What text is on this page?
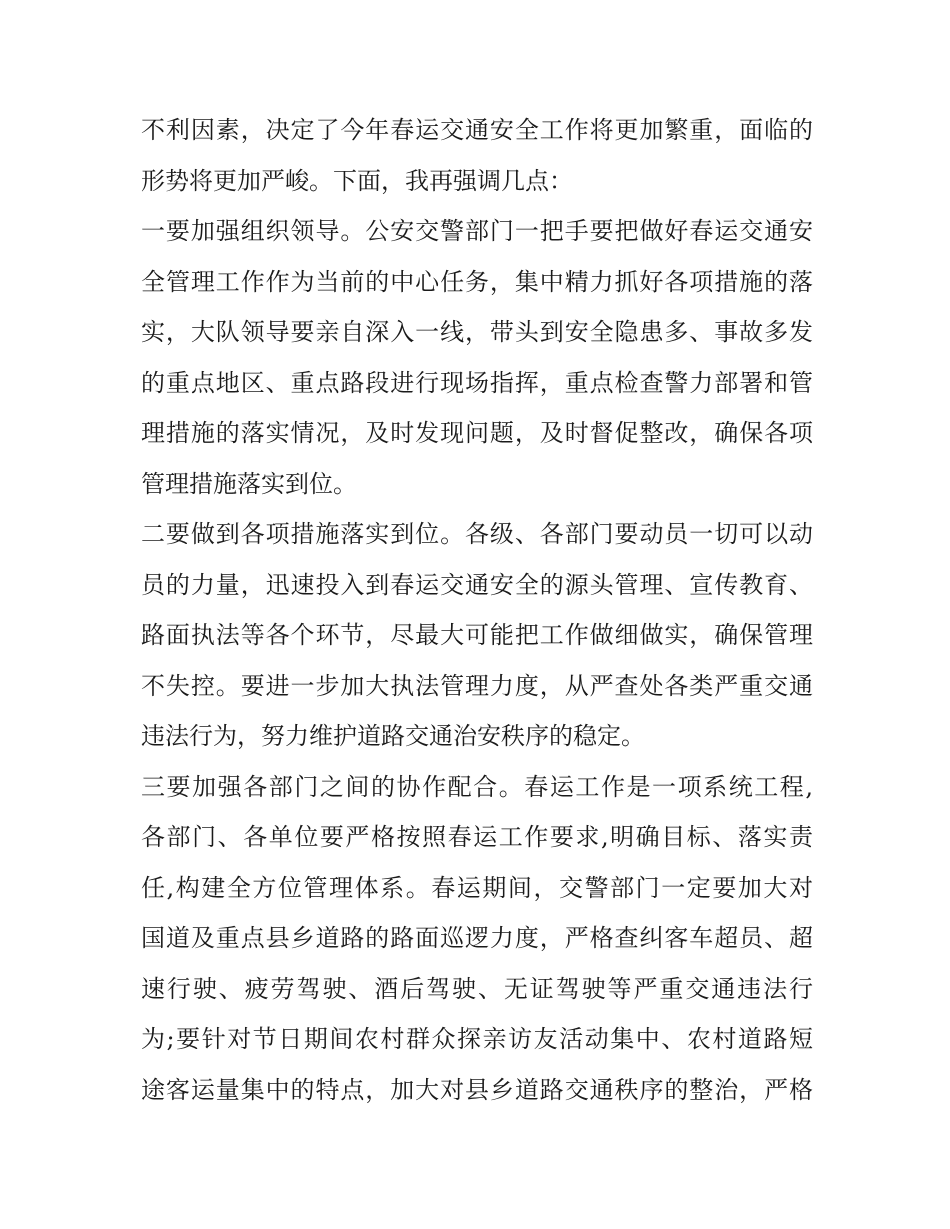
不利因素，决定了今年春运交通安全工作将更加繁重，面临的
形势将更加严峻。下面，我再强调几点：
一要加强组织领导。公安交警部门一把手要把做好春运交通安
全管理工作作为当前的中心任务，集中精力抓好各项措施的落
实，大队领导要亲自深入一线，带头到安全隐患多、事故多发
的重点地区、重点路段进行现场指挥，重点检查警力部署和管
理措施的落实情况，及时发现问题，及时督促整改，确保各项
管理措施落实到位。
二要做到各项措施落实到位。各级、各部门要动员一切可以动
员的力量，迅速投入到春运交通安全的源头管理、宣传教育、
路面执法等各个环节，尽最大可能把工作做细做实，确保管理
不失控。要进一步加大执法管理力度，从严查处各类严重交通
违法行为，努力维护道路交通治安秩序的稳定。
三要加强各部门之间的协作配合。春运工作是一项系统工程,
各部门、各单位要严格按照春运工作要求,明确目标、落实责
任,构建全方位管理体系。春运期间，交警部门一定要加大对
国道及重点县乡道路的路面巡逻力度，严格查纠客车超员、超
速行驶、疲劳驾驶、酒后驾驶、无证驾驶等严重交通违法行
为;要针对节日期间农村群众探亲访友活动集中、农村道路短
途客运量集中的特点，加大对县乡道路交通秩序的整治，严格
